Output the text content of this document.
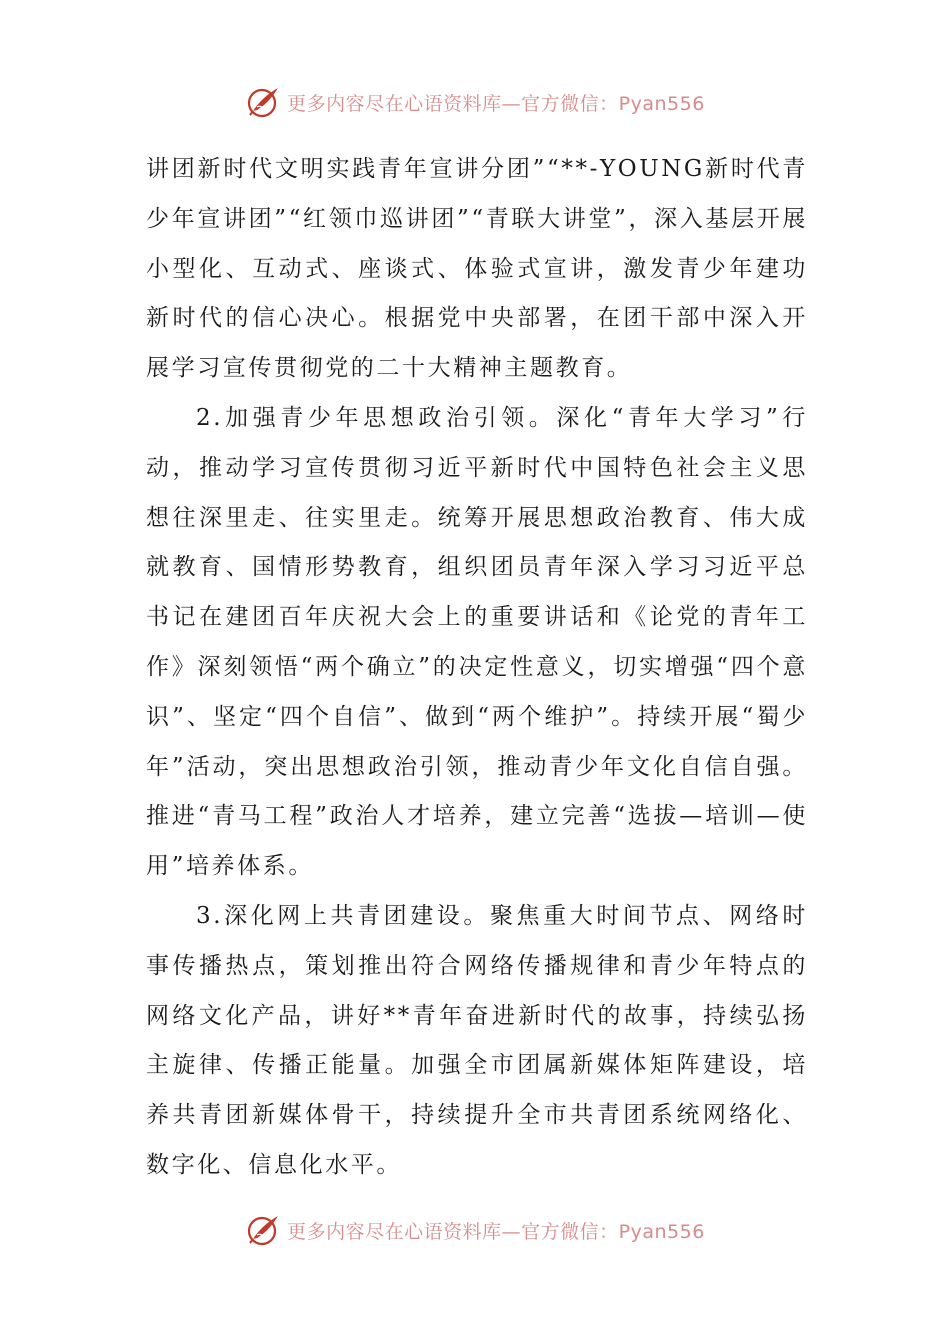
更多内容尽在心语资料库—官方微信：Pyan556

讲团新时代文明实践青年宣讲分团”“**-YOUNG新时代青少年宣讲团”“红领巾巡讲团”“青联大讲堂”，深入基层开展小型化、互动式、座谈式、体验式宣讲，激发青少年建功新时代的信心决心。根据党中央部署，在团干部中深入开展学习宣传贯彻党的二十大精神主题教育。

2.加强青少年思想政治引领。深化“青年大学习”行动，推动学习宣传贯彻习近平新时代中国特色社会主义思想往深里走、往实里走。统筹开展思想政治教育、伟大成就教育、国情形势教育，组织团员青年深入学习习近平总书记在建团百年庆祝大会上的重要讲话和《论党的青年工作》深刻领悟“两个确立”的决定性意义，切实增强“四个意识”、坚定“四个自信”、做到“两个维护”。持续开展“蜀少年”活动，突出思想政治引领，推动青少年文化自信自强。推进“青马工程”政治人才培养，建立完善“选拔—培训—使用”培养体系。

3.深化网上共青团建设。聚焦重大时间节点、网络时事传播热点，策划推出符合网络传播规律和青少年特点的网络文化产品，讲好**青年奋进新时代的故事，持续弘扬主旋律、传播正能量。加强全市团属新媒体矩阵建设，培养共青团新媒体骨干，持续提升全市共青团系统网络化、数字化、信息化水平。

更多内容尽在心语资料库—官方微信：Pyan556
